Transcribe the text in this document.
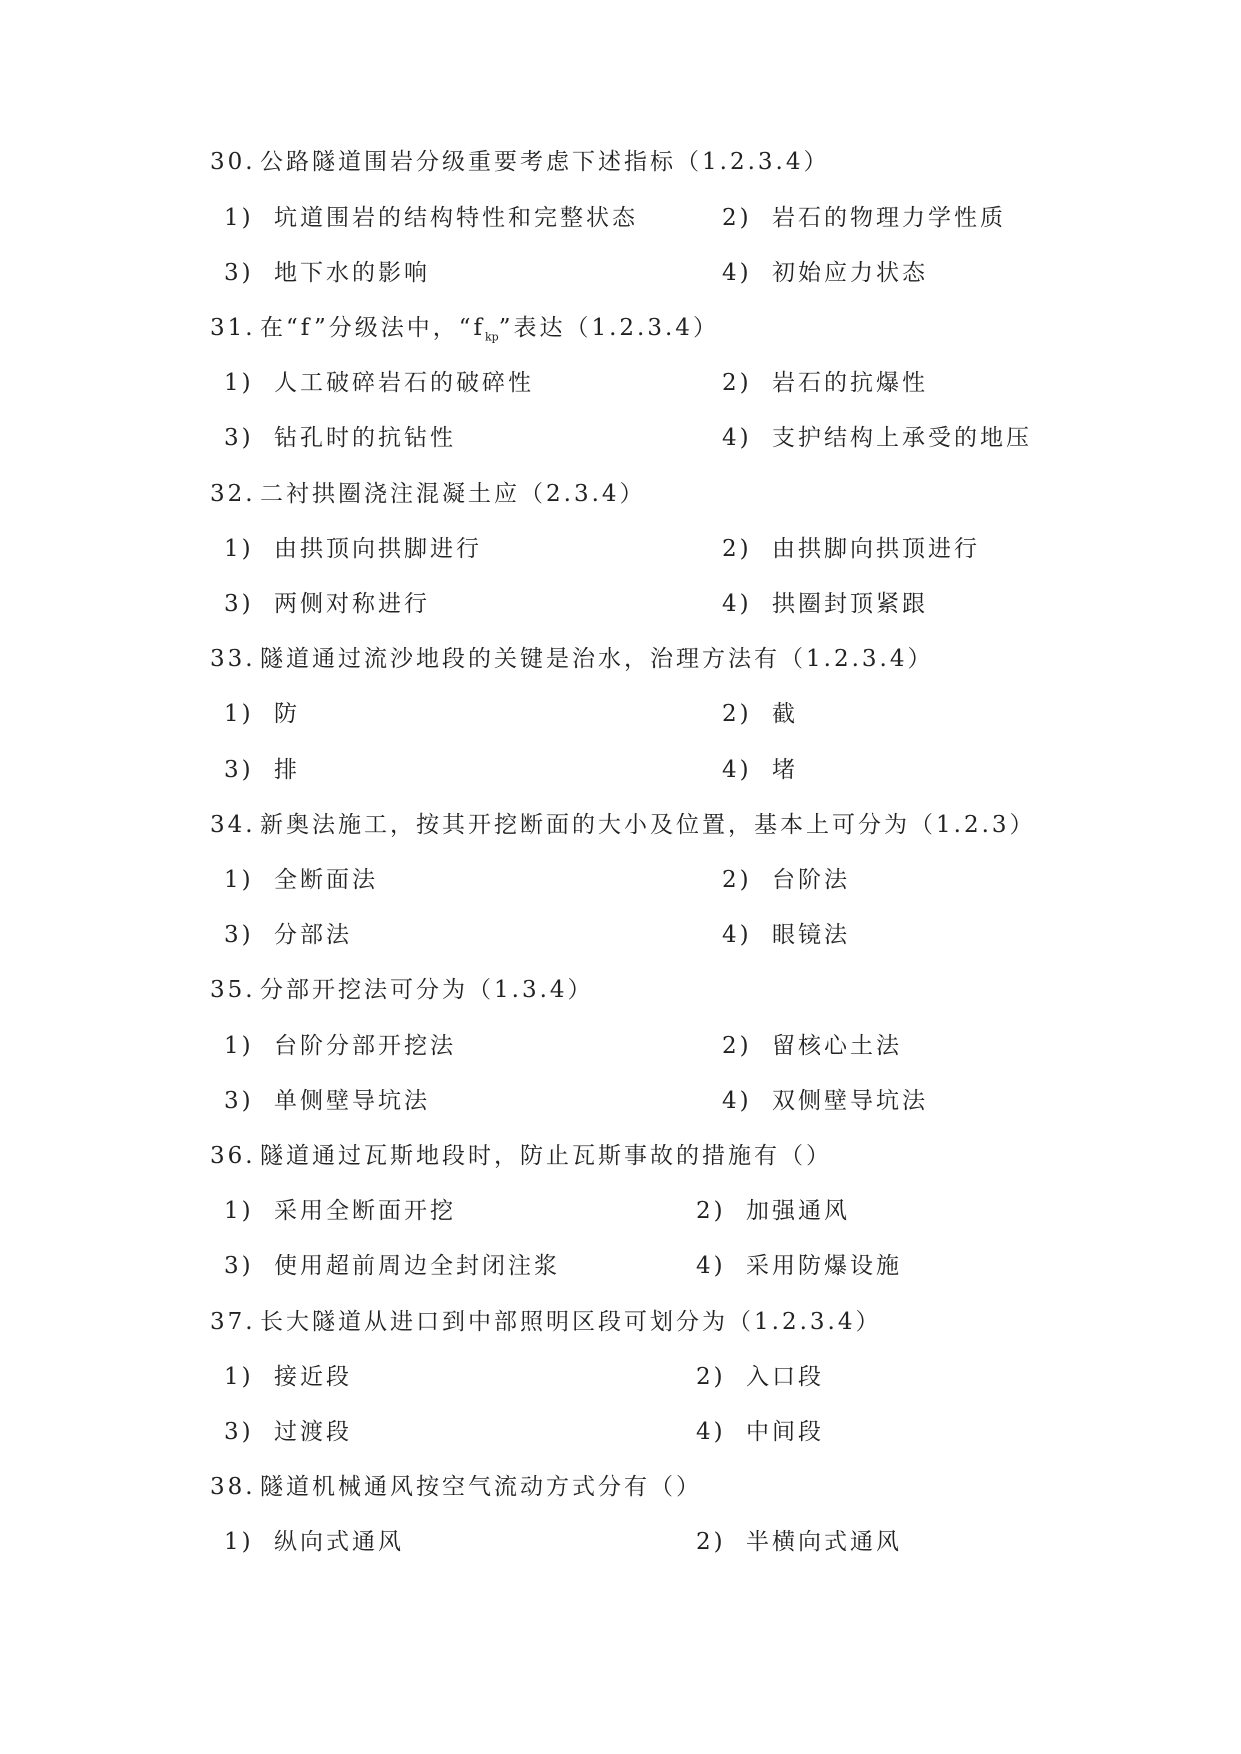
30. 公路隧道围岩分级重要考虑下述指标（1.2.3.4）
1) 坑道围岩的结构特性和完整状态	2) 岩石的物理力学性质
3) 地下水的影响	4) 初始应力状态
31. 在“f”分级法中，“$f_{kp}$”表达（1.2.3.4）
1) 人工破碎岩石的破碎性	2) 岩石的抗爆性
3) 钻孔时的抗钻性	4) 支护结构上承受的地压
32. 二衬拱圈浇注混凝土应（2.3.4）
1) 由拱顶向拱脚进行	2) 由拱脚向拱顶进行
3) 两侧对称进行	4) 拱圈封顶紧跟
33. 隧道通过流沙地段的关键是治水，治理方法有（1.2.3.4）
1) 防	2) 截
3) 排	4) 堵
34. 新奥法施工，按其开挖断面的大小及位置，基本上可分为（1.2.3）
1) 全断面法	2) 台阶法
3) 分部法	4) 眼镜法
35. 分部开挖法可分为（1.3.4）
1) 台阶分部开挖法	2) 留核心土法
3) 单侧壁导坑法	4) 双侧壁导坑法
36. 隧道通过瓦斯地段时，防止瓦斯事故的措施有（）
1) 采用全断面开挖	2) 加强通风
3) 使用超前周边全封闭注浆	4) 采用防爆设施
37. 长大隧道从进口到中部照明区段可划分为（1.2.3.4）
1) 接近段	2) 入口段
3) 过渡段	4) 中间段
38. 隧道机械通风按空气流动方式分有（）
1) 纵向式通风	2) 半横向式通风
